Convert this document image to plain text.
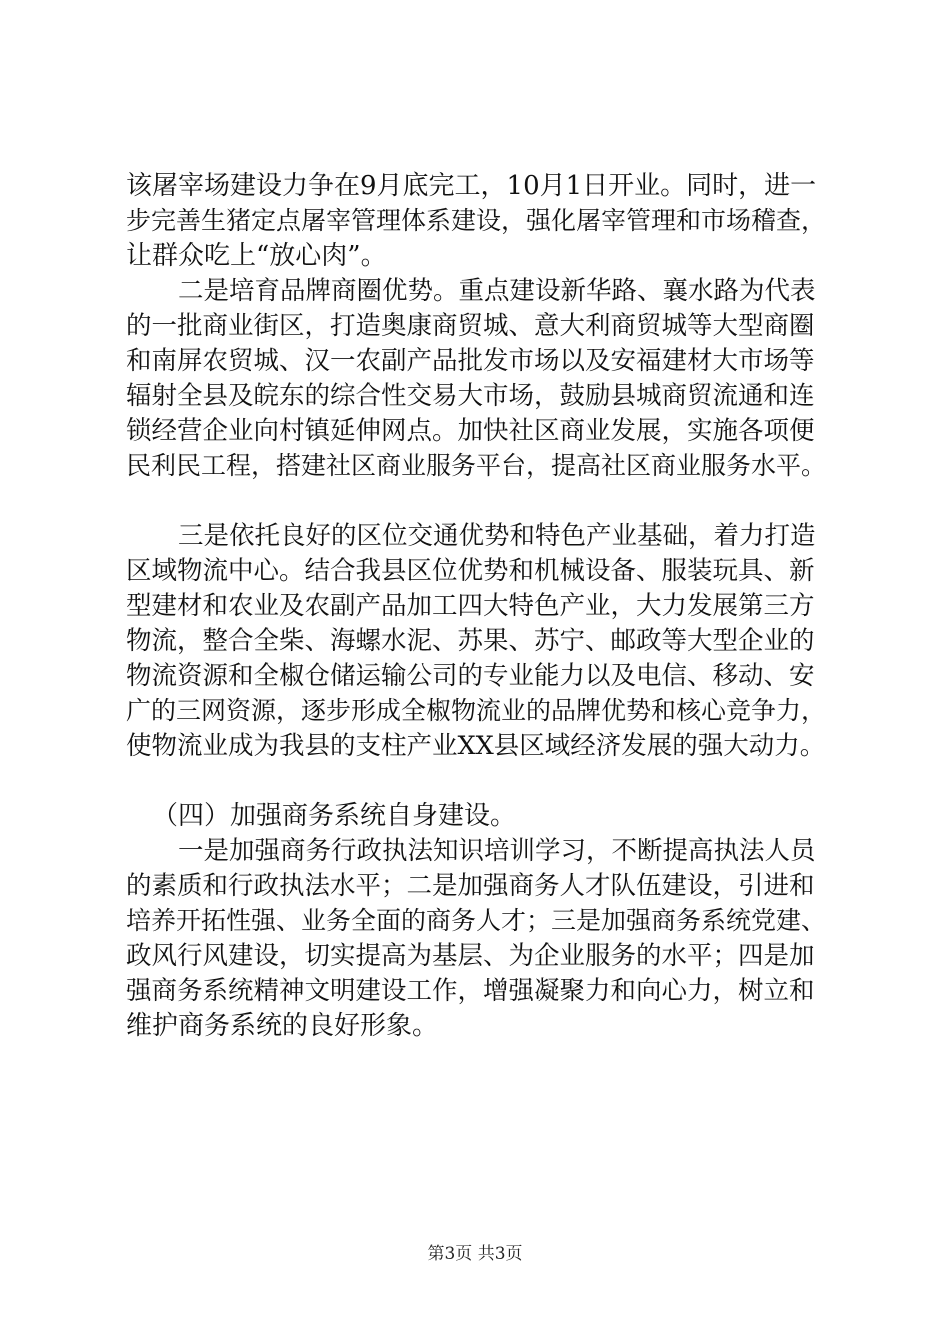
该屠宰场建设力争在9月底完工，10月1日开业。同时，进一
步完善生猪定点屠宰管理体系建设，强化屠宰管理和市场稽查，
让群众吃上“放心肉”。
二是培育品牌商圈优势。重点建设新华路、襄水路为代表
的一批商业街区，打造奥康商贸城、意大利商贸城等大型商圈
和南屏农贸城、汉一农副产品批发市场以及安福建材大市场等
辐射全县及皖东的综合性交易大市场，鼓励县城商贸流通和连
锁经营企业向村镇延伸网点。加快社区商业发展，实施各项便
民利民工程，搭建社区商业服务平台，提高社区商业服务水平。
三是依托良好的区位交通优势和特色产业基础，着力打造
区域物流中心。结合我县区位优势和机械设备、服装玩具、新
型建材和农业及农副产品加工四大特色产业，大力发展第三方
物流，整合全柴、海螺水泥、苏果、苏宁、邮政等大型企业的
物流资源和全椒仓储运输公司的专业能力以及电信、移动、安
广的三网资源，逐步形成全椒物流业的品牌优势和核心竞争力，
使物流业成为我县的支柱产业XX县区域经济发展的强大动力。
（四）加强商务系统自身建设。
一是加强商务行政执法知识培训学习，不断提高执法人员
的素质和行政执法水平；二是加强商务人才队伍建设，引进和
培养开拓性强、业务全面的商务人才；三是加强商务系统党建、
政风行风建设，切实提高为基层、为企业服务的水平；四是加
强商务系统精神文明建设工作，增强凝聚力和向心力，树立和
维护商务系统的良好形象。
第3页 共3页
